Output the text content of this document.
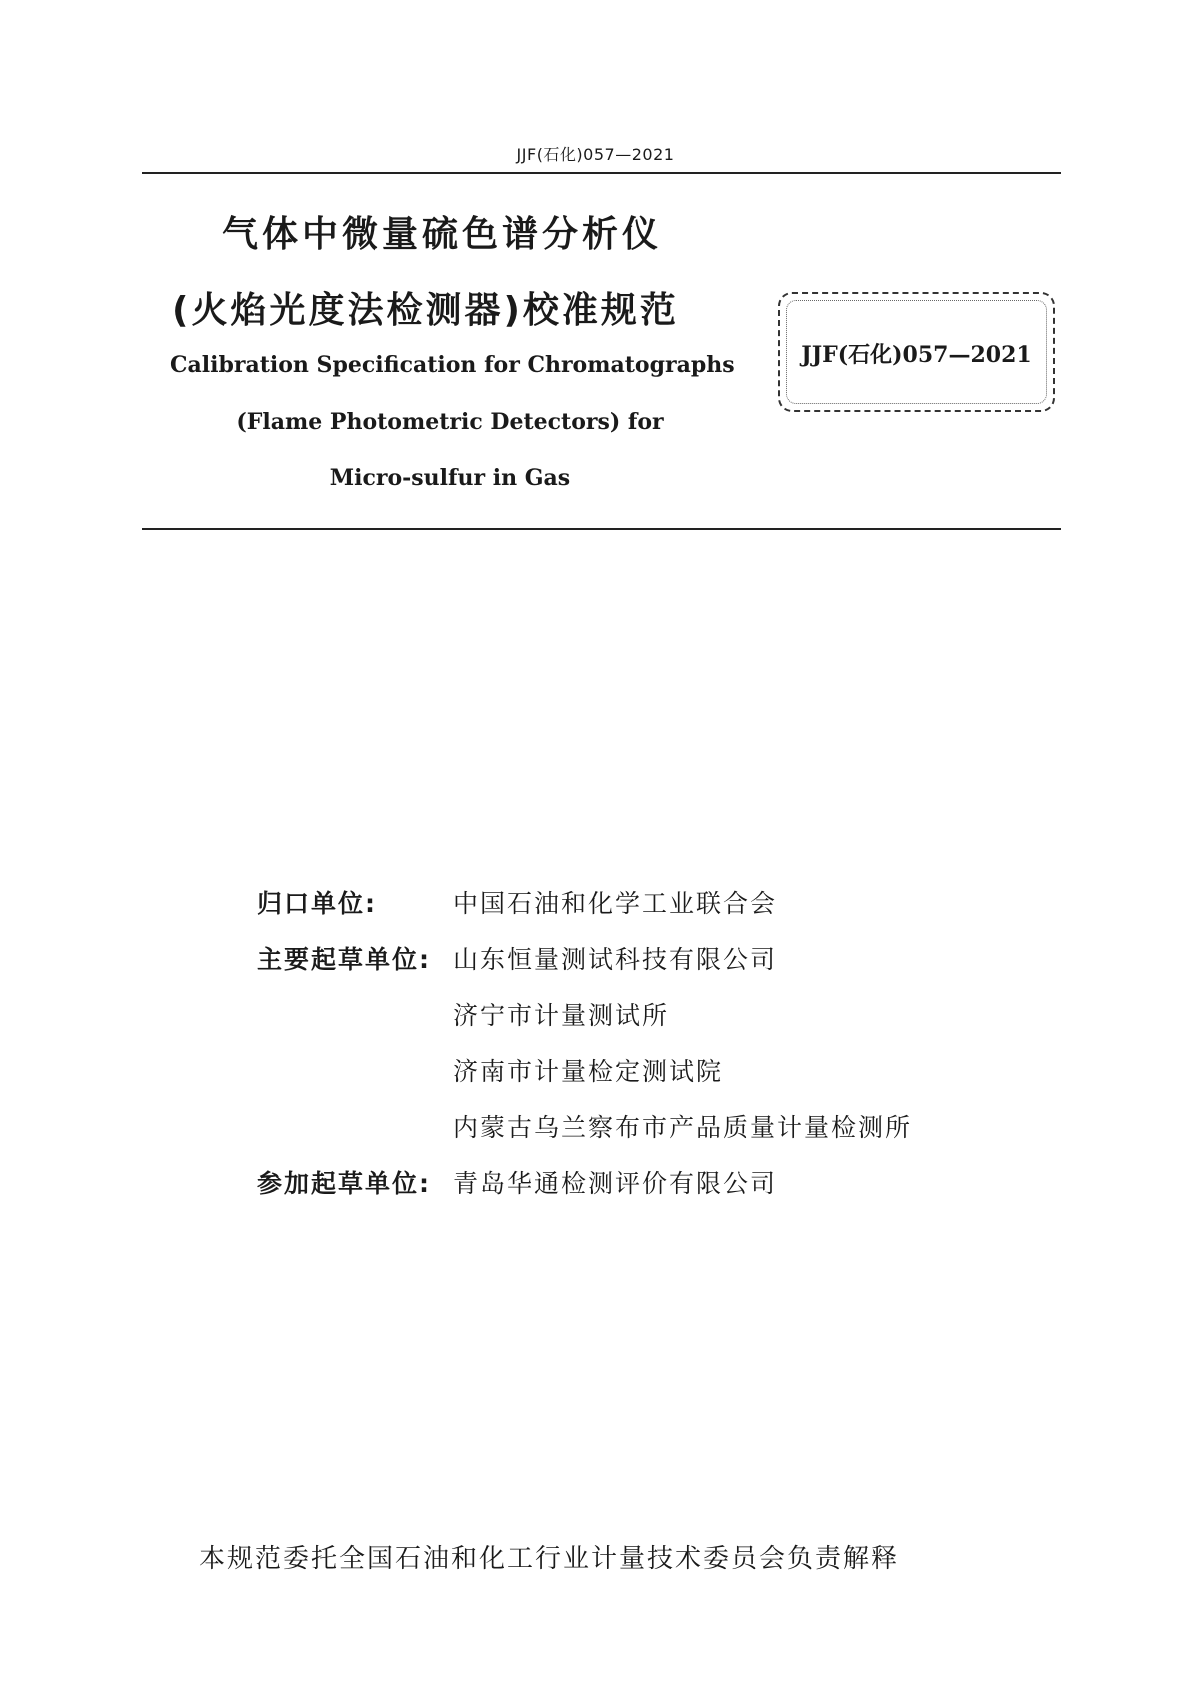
JJF(石化)057—2021
气体中微量硫色谱分析仪
(火焰光度法检测器)校准规范
Calibration Specification for Chromatographs
(Flame Photometric Detectors) for
Micro-sulfur in Gas
JJF(石化)057—2021
归口单位:	中国石油和化学工业联合会
主要起草单位: 山东恒量测试科技有限公司
济宁市计量测试所
济南市计量检定测试院
内蒙古乌兰察布市产品质量计量检测所
参加起草单位: 青岛华通检测评价有限公司
本规范委托全国石油和化工行业计量技术委员会负责解释
